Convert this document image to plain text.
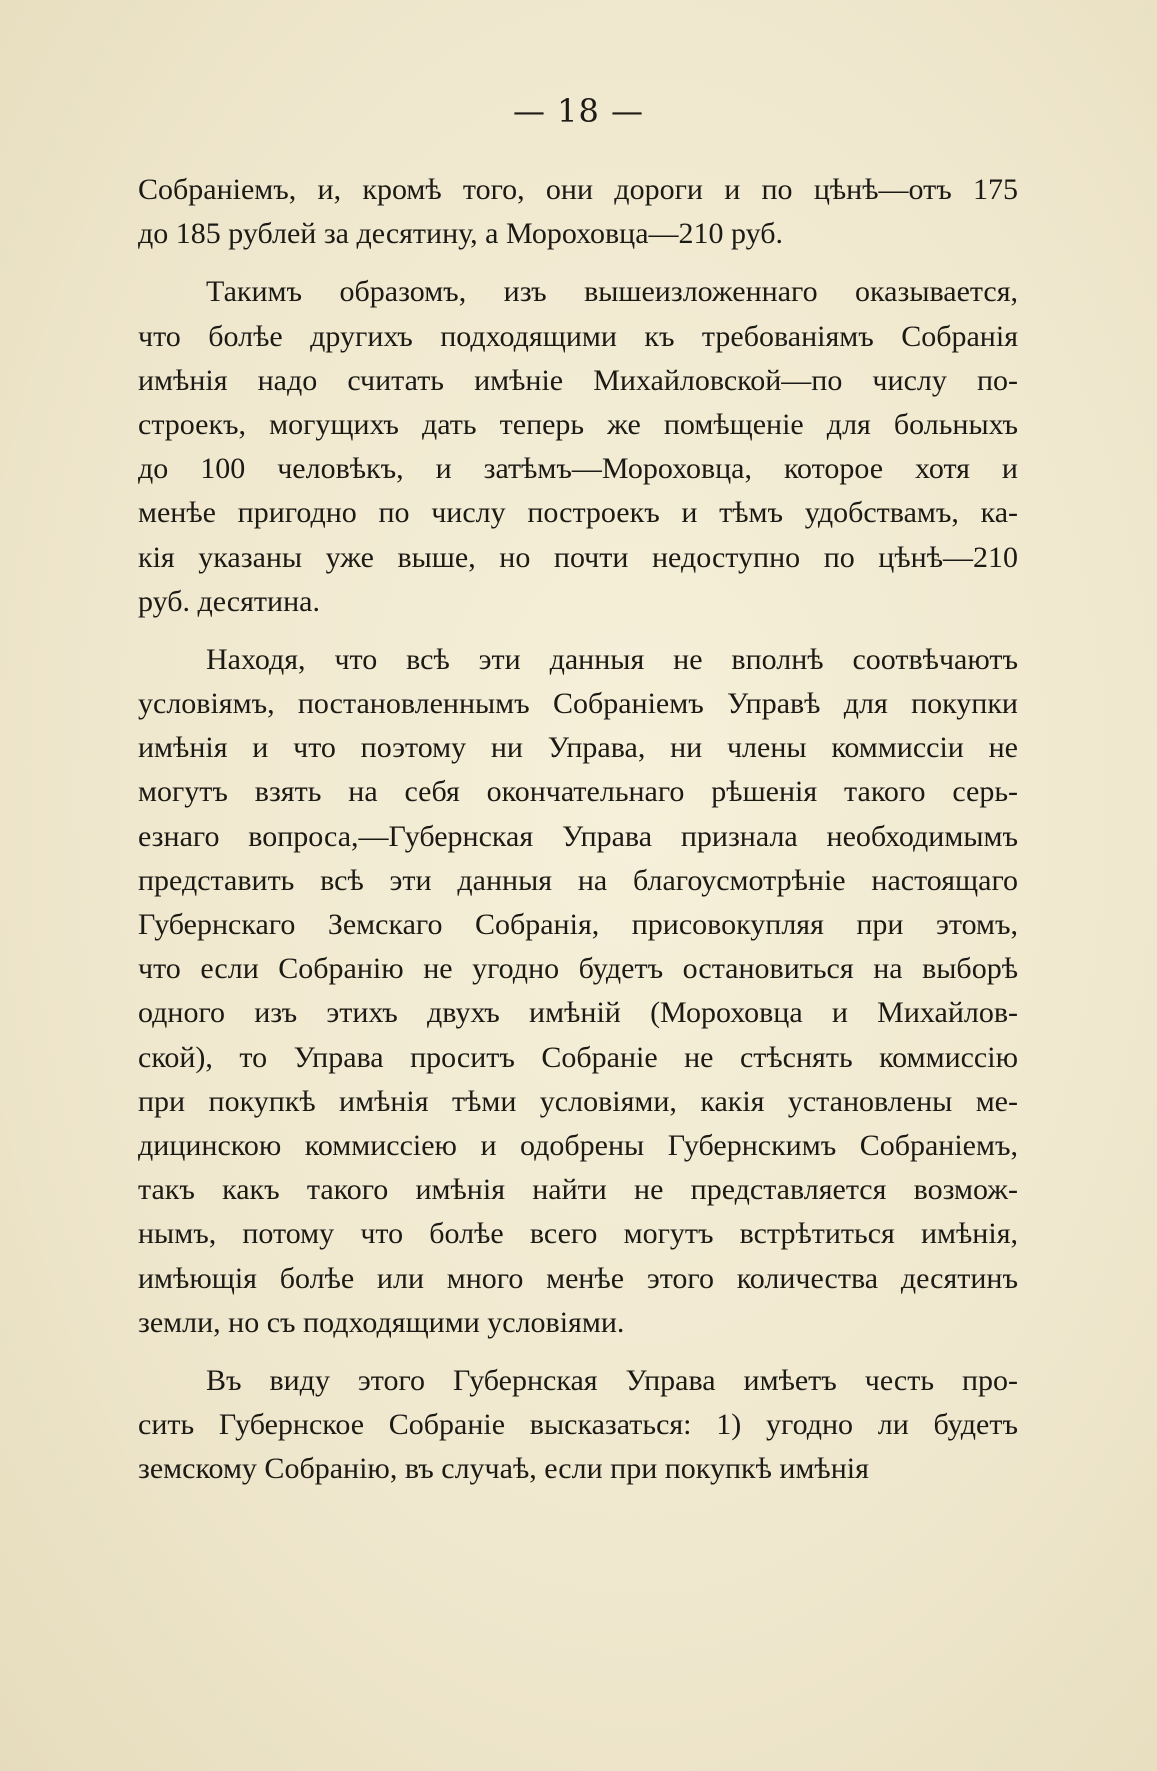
— 18 —
Собраніемъ, и, кромѣ того, они дороги и по цѣнѣ—отъ 175
до 185 рублей за десятину, а Мороховца—210 руб.
Такимъ образомъ, изъ вышеизложеннаго оказывается,
что болѣе другихъ подходящими къ требованіямъ Собранія
имѣнія надо считать имѣніе Михайловской—по числу по-
строекъ, могущихъ дать теперь же помѣщеніе для больныхъ
до 100 человѣкъ, и затѣмъ—Мороховца, которое хотя и
менѣе пригодно по числу построекъ и тѣмъ удобствамъ, ка-
кія указаны уже выше, но почти недоступно по цѣнѣ—210
руб. десятина.
Находя, что всѣ эти данныя не вполнѣ соотвѣчаютъ
условіямъ, постановленнымъ Собраніемъ Управѣ для покупки
имѣнія и что поэтому ни Управа, ни члены коммиссіи не
могутъ взять на себя окончательнаго рѣшенія такого серь-
езнаго вопроса,—Губернская Управа признала необходимымъ
представить всѣ эти данныя на благоусмотрѣніе настоящаго
Губернскаго Земскаго Собранія, присовокупляя при этомъ,
что если Собранію не угодно будетъ остановиться на выборѣ
одного изъ этихъ двухъ имѣній (Мороховца и Михайлов-
ской), то Управа проситъ Собраніе не стѣснять коммиссію
при покупкѣ имѣнія тѣми условіями, какія установлены ме-
дицинскою коммиссіею и одобрены Губернскимъ Собраніемъ,
такъ какъ такого имѣнія найти не представляется возмож-
нымъ, потому что болѣе всего могутъ встрѣтиться имѣнія,
имѣющія болѣе или много менѣе этого количества десятинъ
земли, но съ подходящими условіями.
Въ виду этого Губернская Управа имѣетъ честь про-
сить Губернское Собраніе высказаться: 1) угодно ли будетъ
земскому Собранію, въ случаѣ, если при покупкѣ имѣнія
